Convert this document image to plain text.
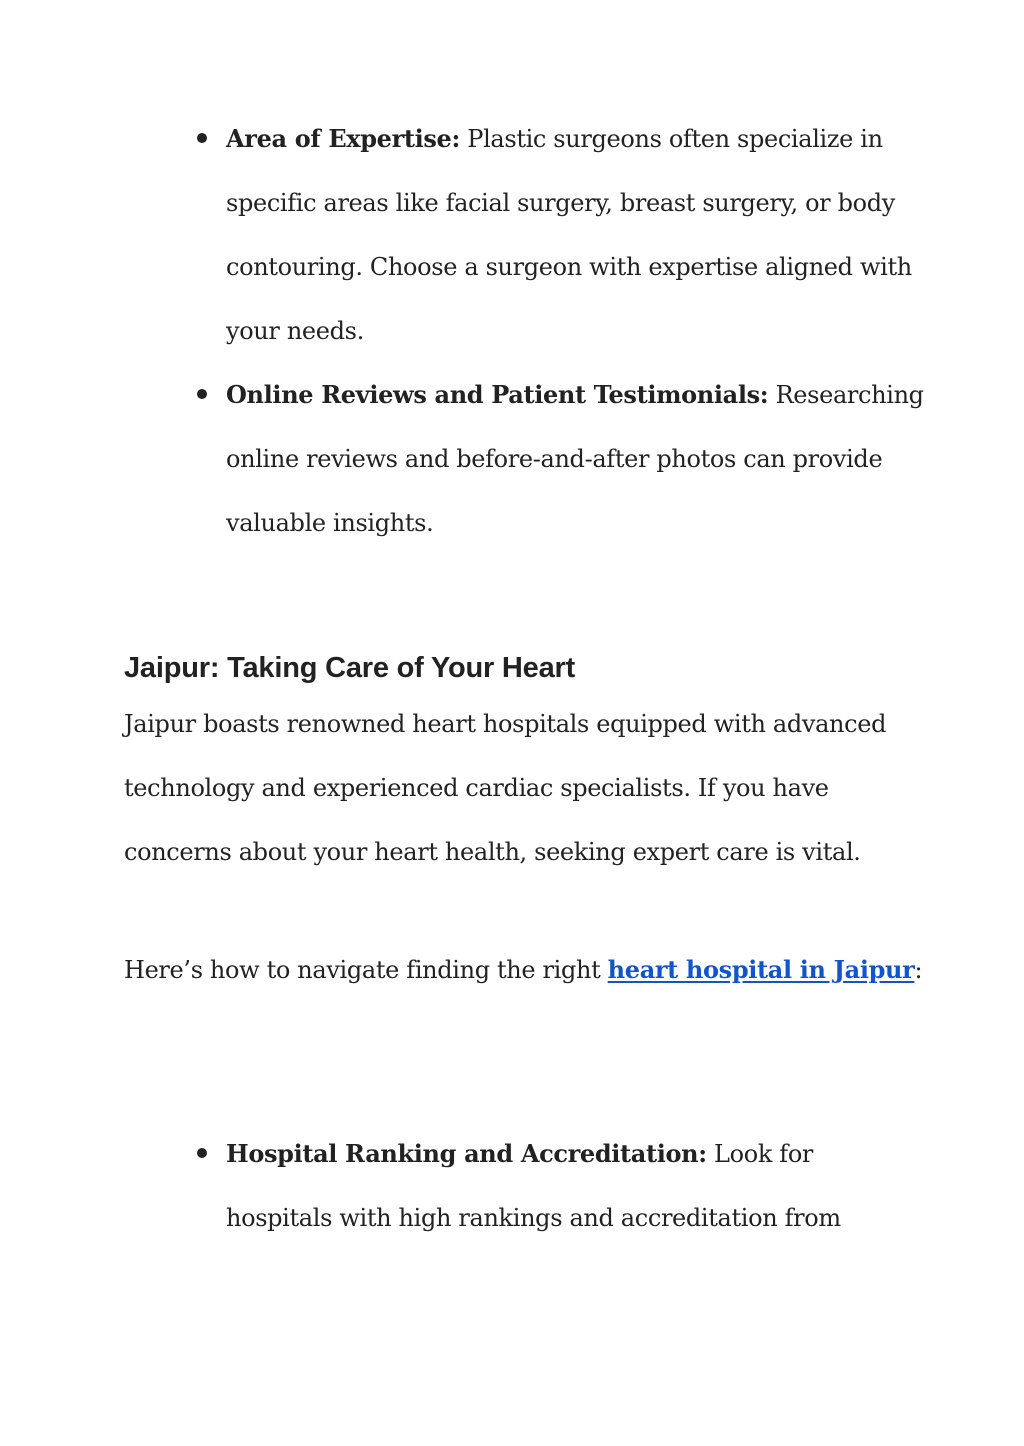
Area of Expertise: Plastic surgeons often specialize in specific areas like facial surgery, breast surgery, or body contouring. Choose a surgeon with expertise aligned with your needs.
Online Reviews and Patient Testimonials: Researching online reviews and before-and-after photos can provide valuable insights.
Jaipur: Taking Care of Your Heart

Jaipur boasts renowned heart hospitals equipped with advanced technology and experienced cardiac specialists. If you have concerns about your heart health, seeking expert care is vital.

Here’s how to navigate finding the right heart hospital in Jaipur:

Hospital Ranking and Accreditation: Look for hospitals with high rankings and accreditation from
